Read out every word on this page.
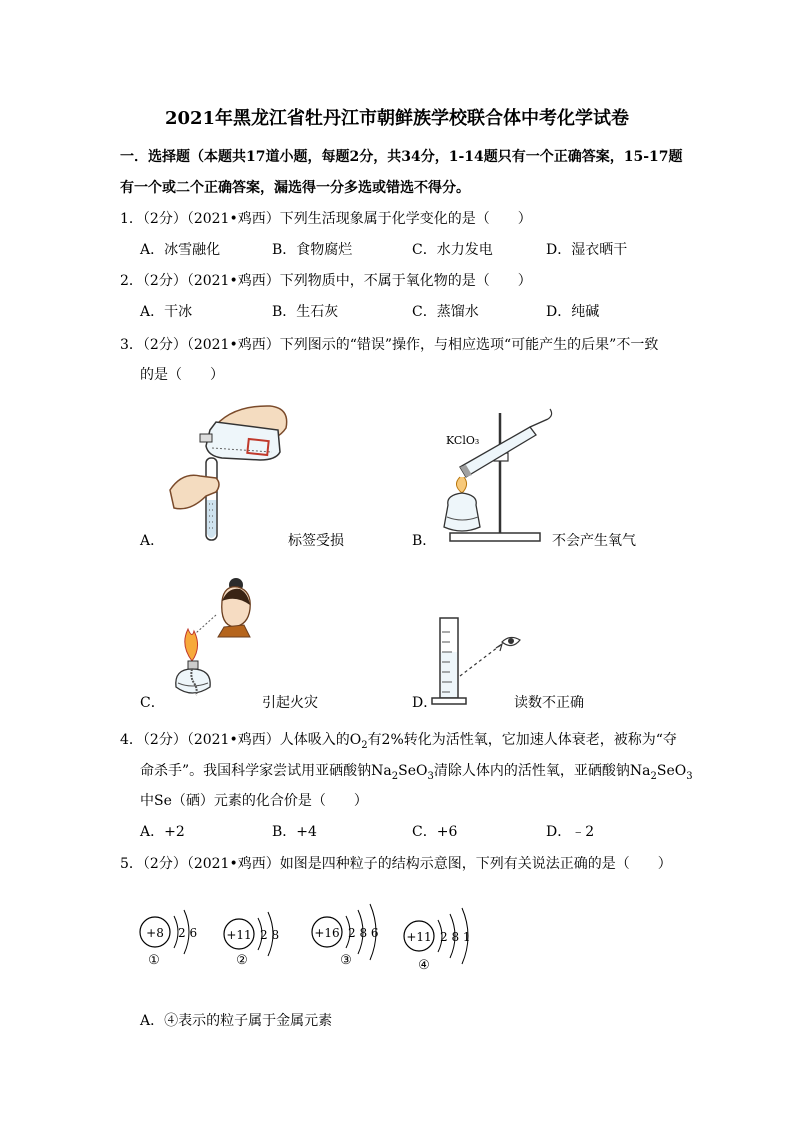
2021年黑龙江省牡丹江市朝鲜族学校联合体中考化学试卷
一．选择题（本题共17道小题，每题2分，共34分，1-14题只有一个正确答案，15-17题
有一个或二个正确答案，漏选得一分多选或错选不得分。
1．（2分）（2021•鸡西）下列生活现象属于化学变化的是（　　）
A．冰雪融化	B．食物腐烂	C．水力发电	D．湿衣晒干
2．（2分）（2021•鸡西）下列物质中，不属于氧化物的是（　　）
A．干冰	B．生石灰	C．蒸馏水	D．纯碱
3．（2分）（2021•鸡西）下列图示的“错误”操作，与相应选项“可能产生的后果”不一致
的是（　　）
A．	标签受损
KClO₃
B．	不会产生氧气
C．	引起火灾	D．	读数不正确
4．（2分）（2021•鸡西）人体吸入的$O_2$有2%转化为活性氧，它加速人体衰老，被称为“夺
命杀手”。我国科学家尝试用亚硒酸钠$Na_2SeO_3$清除人体内的活性氧，亚硒酸钠$Na_2SeO_3$
中Se（硒）元素的化合价是（　　）
A．+2	B．+4	C．+6	D．﹣2
5．（2分）（2021•鸡西）如图是四种粒子的结构示意图，下列有关说法正确的是（　　）
+8 2 6
①
+11 2 8
②
+16 2 8 6
③
+11 2 8 1
④
A．④表示的粒子属于金属元素
